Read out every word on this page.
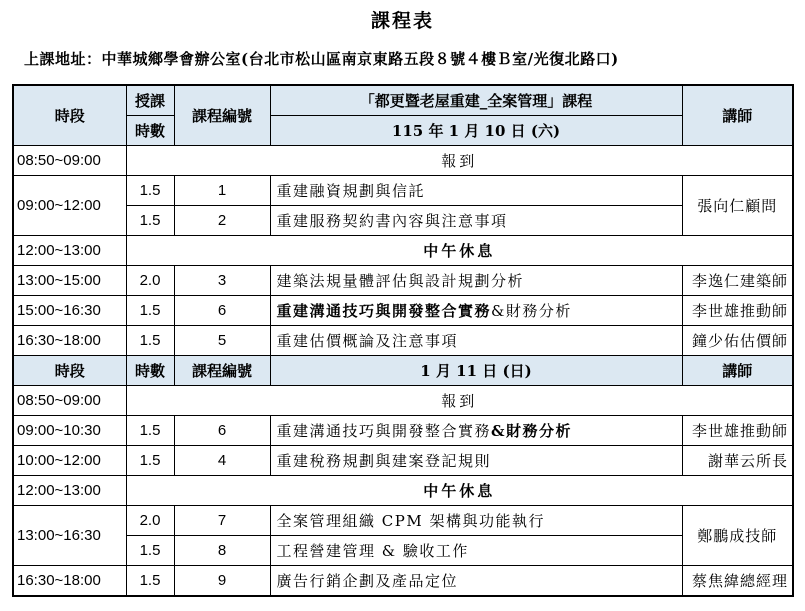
課程表
上課地址：中華城鄉學會辦公室(台北市松山區南京東路五段８號４樓Ｂ室/光復北路口)
時段	授課	課程編號	「都更暨老屋重建_全案管理」課程	講師
	時數		115 年 1 月 10 日 (六)	
08:50~09:00	報到			
09:00~12:00	1.5	1	重建融資規劃與信託	張向仁顧問
	1.5	2	重建服務契約書內容與注意事項	
12:00~13:00	中午休息			
13:00~15:00	2.0	3	建築法規量體評估與設計規劃分析	李逸仁建築師
15:00~16:30	1.5	6	重建溝通技巧與開發整合實務&財務分析	李世雄推動師
16:30~18:00	1.5	5	重建估價概論及注意事項	鐘少佑估價師
時段	時數	課程編號	1 月 11 日 (日)	講師
08:50~09:00	報到			
09:00~10:30	1.5	6	重建溝通技巧與開發整合實務&財務分析	李世雄推動師
10:00~12:00	1.5	4	重建稅務規劃與建案登記規則	謝華云所長
12:00~13:00	中午休息			
13:00~16:30	2.0	7	全案管理組織 CPM 架構與功能執行	鄭鵬成技師
	1.5	8	工程營建管理 & 驗收工作	
16:30~18:00	1.5	9	廣告行銷企劃及產品定位	蔡焦緯總經理
